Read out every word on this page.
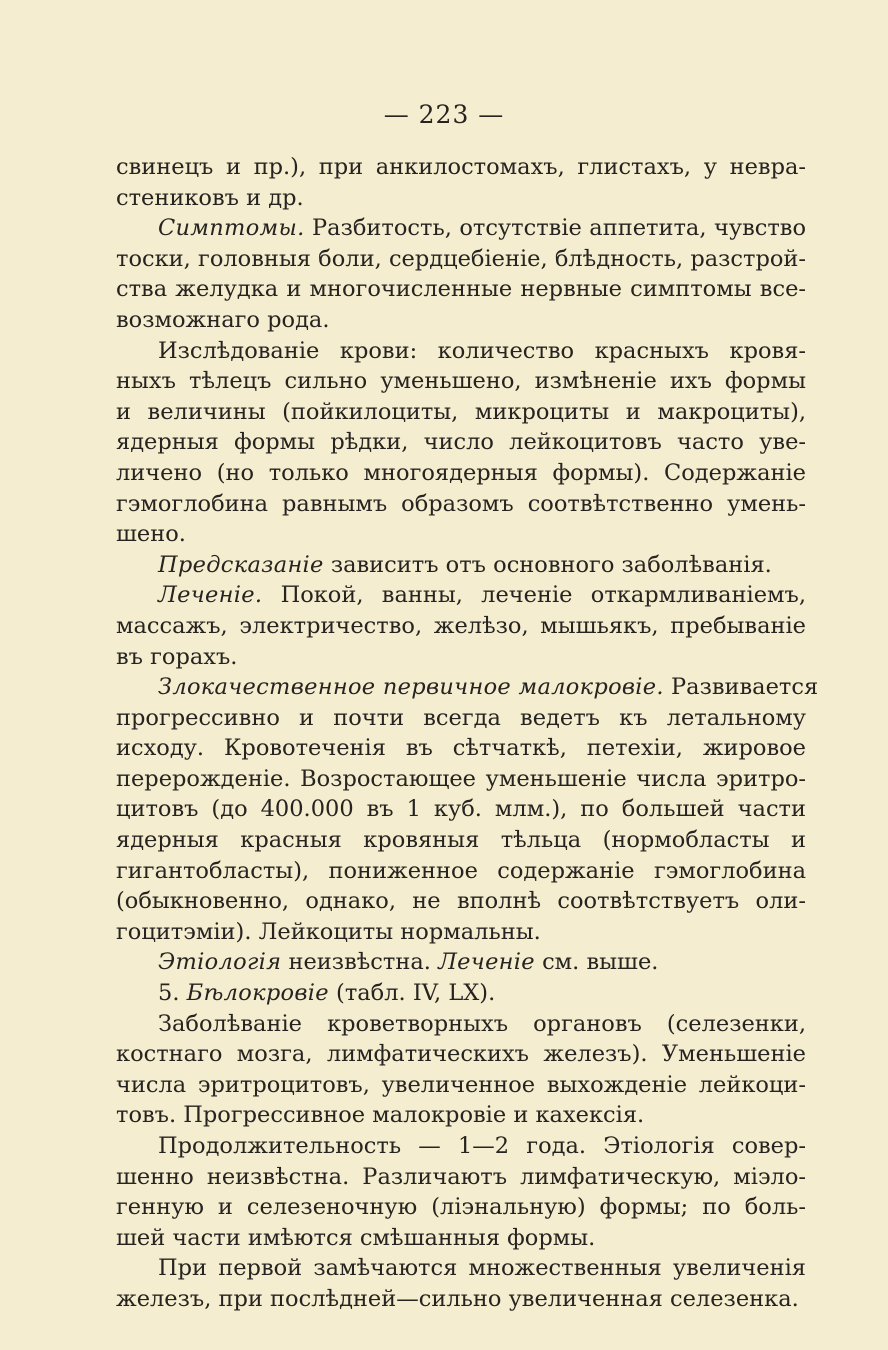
— 223 —
свинецъ и пр.), при анкилостомахъ, глистахъ, у невра-
стениковъ и др.
Симптомы. Разбитость, отсутствіе аппетита, чувство
тоски, головныя боли, сердцебіеніе, блѣдность, разстрой-
ства желудка и многочисленные нервные симптомы все-
возможнаго рода.
Изслѣдованіе крови: количество красныхъ кровя-
ныхъ тѣлецъ сильно уменьшено, измѣненіе ихъ формы
и величины (пойкилоциты, микроциты и макроциты),
ядерныя формы рѣдки, число лейкоцитовъ часто уве-
личено (но только многоядерныя формы). Содержаніе
гэмоглобина равнымъ образомъ соотвѣтственно умень-
шено.
Предсказаніе зависитъ отъ основного заболѣванія.
Леченіе. Покой, ванны, леченіе откармливаніемъ,
массажъ, электричество, желѣзо, мышьякъ, пребываніе
въ горахъ.
Злокачественное первичное малокровіе. Развивается
прогрессивно и почти всегда ведетъ къ летальному
исходу. Кровотеченія въ сѣтчаткѣ, петехіи, жировое
перерожденіе. Возростающее уменьшеніе числа эритро-
цитовъ (до 400.000 въ 1 куб. млм.), по большей части
ядерныя красныя кровяныя тѣльца (нормобласты и
гигантобласты), пониженное содержаніе гэмоглобина
(обыкновенно, однако, не вполнѣ соотвѣтствуетъ оли-
гоцитэміи). Лейкоциты нормальны.
Этіологія неизвѣстна. Леченіе см. выше.
5. Бѣлокровіе (табл. IV, LX).
Заболѣваніе кроветворныхъ органовъ (селезенки,
костнаго мозга, лимфатическихъ железъ). Уменьшеніе
числа эритроцитовъ, увеличенное выхожденіе лейкоци-
товъ. Прогрессивное малокровіе и кахексія.
Продолжительность — 1—2 года. Этіологія совер-
шенно неизвѣстна. Различаютъ лимфатическую, міэло-
генную и селезеночную (ліэнальную) формы; по боль-
шей части имѣются смѣшанныя формы.
При первой замѣчаются множественныя увеличенія
железъ, при послѣдней—сильно увеличенная селезенка.
